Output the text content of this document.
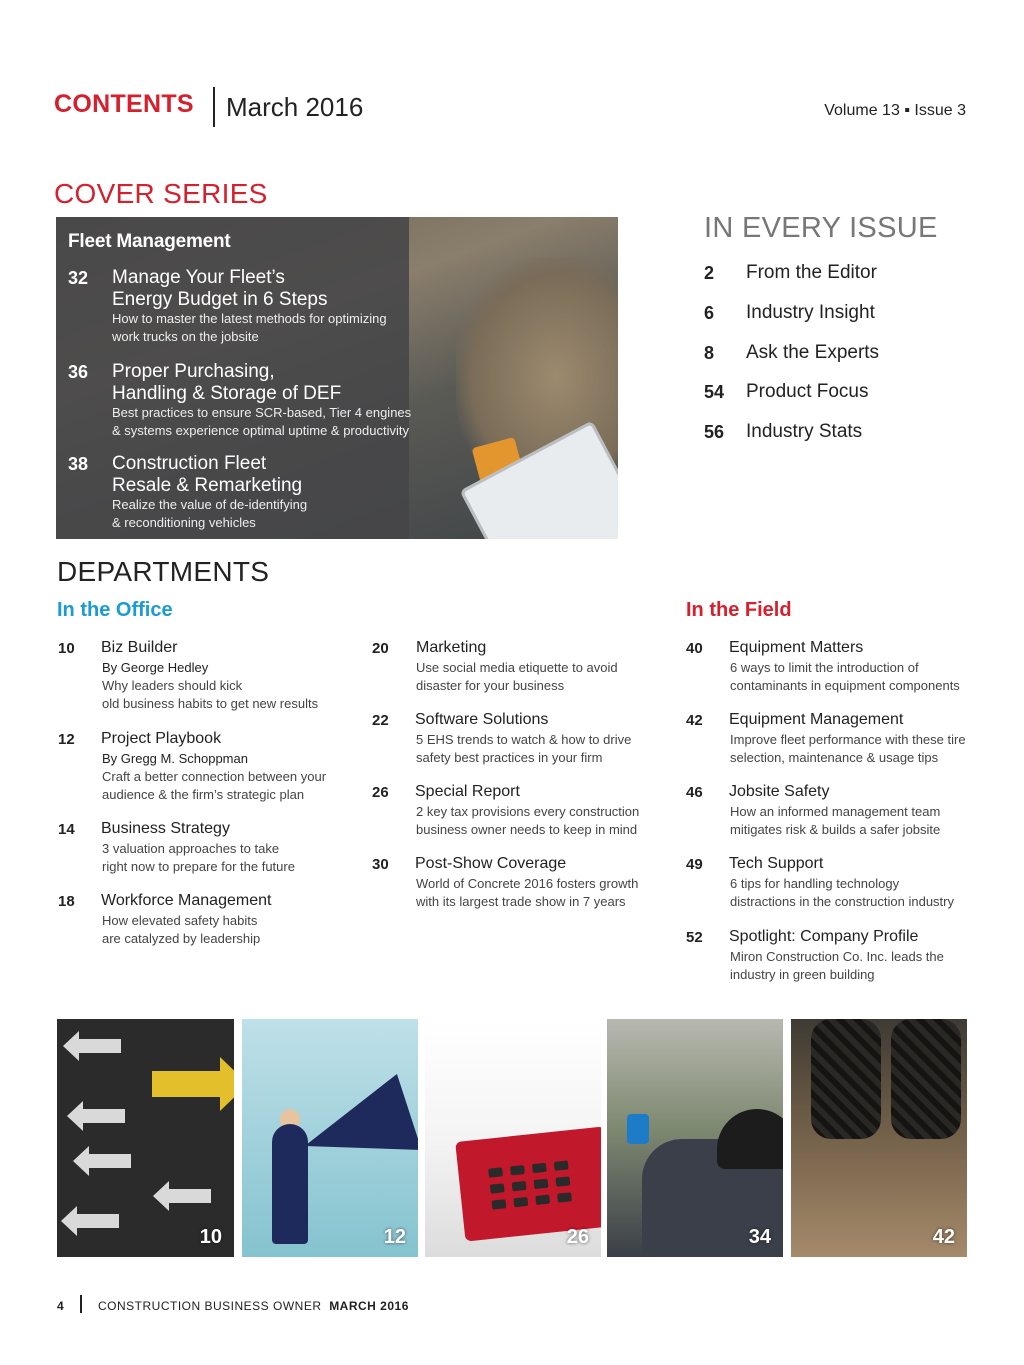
CONTENTS March 2016	Volume 13 ▪ Issue 3
COVER SERIES
Fleet Management
32 Manage Your Fleet’s
Energy Budget in 6 Steps
How to master the latest methods for optimizing
work trucks on the jobsite
36 Proper Purchasing,
Handling & Storage of DEF
Best practices to ensure SCR-based, Tier 4 engines
& systems experience optimal uptime & productivity
38 Construction Fleet
Resale & Remarketing
Realize the value of de-identifying
& reconditioning vehicles
IN EVERY ISSUE
2 From the Editor
6 Industry Insight
8 Ask the Experts
54 Product Focus
56 Industry Stats
DEPARTMENTS
In the Office	In the Field
10 Biz Builder
By George Hedley
Why leaders should kick
old business habits to get new results
12 Project Playbook
By Gregg M. Schoppman
Craft a better connection between your
audience & the firm’s strategic plan
14 Business Strategy
3 valuation approaches to take
right now to prepare for the future
18 Workforce Management
How elevated safety habits
are catalyzed by leadership
20 Marketing
Use social media etiquette to avoid
disaster for your business
22 Software Solutions
5 EHS trends to watch & how to drive
safety best practices in your firm
26 Special Report
2 key tax provisions every construction
business owner needs to keep in mind
30 Post-Show Coverage
World of Concrete 2016 fosters growth
with its largest trade show in 7 years
40 Equipment Matters
6 ways to limit the introduction of
contaminants in equipment components
42 Equipment Management
Improve fleet performance with these tire
selection, maintenance & usage tips
46 Jobsite Safety
How an informed management team
mitigates risk & builds a safer jobsite
49 Tech Support
6 tips for handling technology
distractions in the construction industry
52 Spotlight: Company Profile
Miron Construction Co. Inc. leads the
industry in green building
10	12	26	34	42
4	CONSTRUCTION BUSINESS OWNER MARCH 2016
